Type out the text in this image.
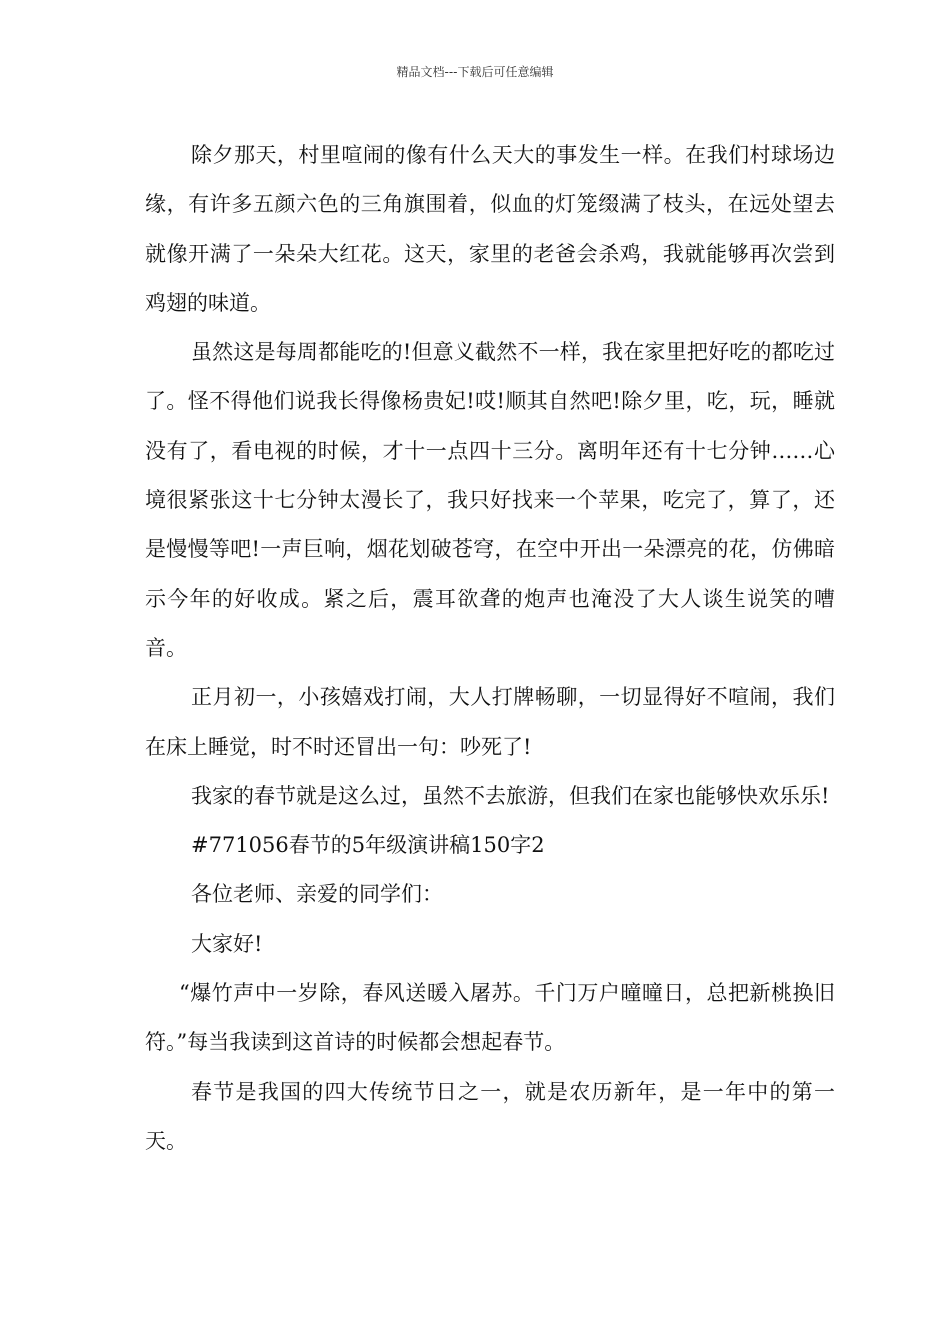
精品文档---下载后可任意编辑

除夕那天，村里喧闹的像有什么天大的事发生一样。在我们村球场边缘，有许多五颜六色的三角旗围着，似血的灯笼缀满了枝头，在远处望去就像开满了一朵朵大红花。这天，家里的老爸会杀鸡，我就能够再次尝到鸡翅的味道。

虽然这是每周都能吃的!但意义截然不一样，我在家里把好吃的都吃过了。怪不得他们说我长得像杨贵妃!哎!顺其自然吧!除夕里，吃，玩，睡就没有了，看电视的时候，才十一点四十三分。离明年还有十七分钟……心境很紧张这十七分钟太漫长了，我只好找来一个苹果，吃完了，算了，还是慢慢等吧!一声巨响，烟花划破苍穹，在空中开出一朵漂亮的花，仿佛暗示今年的好收成。紧之后，震耳欲聋的炮声也淹没了大人谈生说笑的嘈音。

正月初一，小孩嬉戏打闹，大人打牌畅聊，一切显得好不喧闹，我们在床上睡觉，时不时还冒出一句：吵死了!

我家的春节就是这么过，虽然不去旅游，但我们在家也能够快欢乐乐!

#771056春节的5年级演讲稿150字2

各位老师、亲爱的同学们：

大家好!

“爆竹声中一岁除，春风送暖入屠苏。千门万户曈曈日，总把新桃换旧符。”每当我读到这首诗的时候都会想起春节。

春节是我国的四大传统节日之一，就是农历新年，是一年中的第一天。
